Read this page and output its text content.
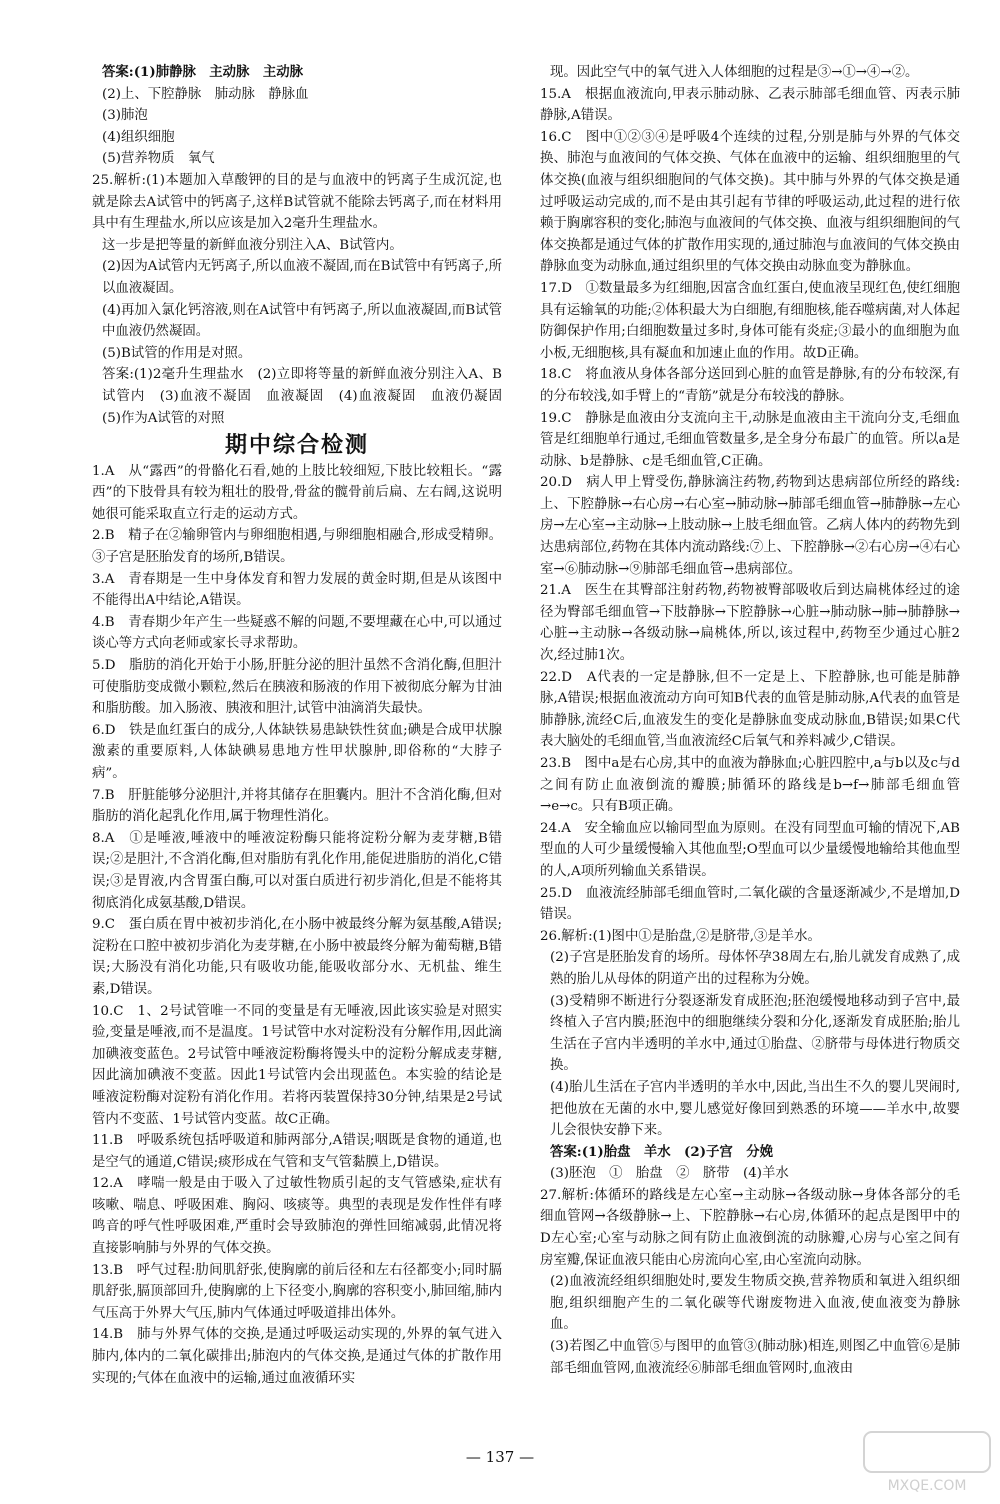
答案:(1)肺静脉　主动脉　主动脉

(2)上、下腔静脉　肺动脉　静脉血

(3)肺泡

(4)组织细胞

(5)营养物质　氧气

25.解析:(1)本题加入草酸钾的目的是与血液中的钙离子生成沉淀,也就是除去A试管中的钙离子,这样B试管就不能除去钙离子,而在材料用具中有生理盐水,所以应该是加入2毫升生理盐水。

这一步是把等量的新鲜血液分别注入A、B试管内。

(2)因为A试管内无钙离子,所以血液不凝固,而在B试管中有钙离子,所以血液凝固。

(4)再加入氯化钙溶液,则在A试管中有钙离子,所以血液凝固,而B试管中血液仍然凝固。

(5)B试管的作用是对照。

答案:(1)2毫升生理盐水　(2)立即将等量的新鲜血液分别注入A、B试管内　(3)血液不凝固　血液凝固　(4)血液凝固　血液仍凝固　(5)作为A试管的对照

期中综合检测

1.A　从“露西”的骨骼化石看,她的上肢比较细短,下肢比较粗长。“露西”的下肢骨具有较为粗壮的股骨,骨盆的髋骨前后扁、左右阔,这说明她很可能采取直立行走的运动方式。

2.B　精子在②输卵管内与卵细胞相遇,与卵细胞相融合,形成受精卵。③子宫是胚胎发育的场所,B错误。

3.A　青春期是一生中身体发育和智力发展的黄金时期,但是从该图中不能得出A中结论,A错误。

4.B　青春期少年产生一些疑惑不解的问题,不要埋藏在心中,可以通过谈心等方式向老师或家长寻求帮助。

5.D　脂肪的消化开始于小肠,肝脏分泌的胆汁虽然不含消化酶,但胆汁可使脂肪变成微小颗粒,然后在胰液和肠液的作用下被彻底分解为甘油和脂肪酸。加入肠液、胰液和胆汁,试管中油滴消失最快。

6.D　铁是血红蛋白的成分,人体缺铁易患缺铁性贫血;碘是合成甲状腺激素的重要原料,人体缺碘易患地方性甲状腺肿,即俗称的“大脖子病”。

7.B　肝脏能够分泌胆汁,并将其储存在胆囊内。胆汁不含消化酶,但对脂肪的消化起乳化作用,属于物理性消化。

8.A　①是唾液,唾液中的唾液淀粉酶只能将淀粉分解为麦芽糖,B错误;②是胆汁,不含消化酶,但对脂肪有乳化作用,能促进脂肪的消化,C错误;③是胃液,内含胃蛋白酶,可以对蛋白质进行初步消化,但是不能将其彻底消化成氨基酸,D错误。

9.C　蛋白质在胃中被初步消化,在小肠中被最终分解为氨基酸,A错误;淀粉在口腔中被初步消化为麦芽糖,在小肠中被最终分解为葡萄糖,B错误;大肠没有消化功能,只有吸收功能,能吸收部分水、无机盐、维生素,D错误。

10.C　1、2号试管唯一不同的变量是有无唾液,因此该实验是对照实验,变量是唾液,而不是温度。1号试管中水对淀粉没有分解作用,因此滴加碘液变蓝色。2号试管中唾液淀粉酶将馒头中的淀粉分解成麦芽糖,因此滴加碘液不变蓝。因此1号试管内会出现蓝色。本实验的结论是唾液淀粉酶对淀粉有消化作用。若将丙装置保持30分钟,结果是2号试管内不变蓝、1号试管内变蓝。故C正确。

11.B　呼吸系统包括呼吸道和肺两部分,A错误;咽既是食物的通道,也是空气的通道,C错误;痰形成在气管和支气管黏膜上,D错误。

12.A　哮喘一般是由于吸入了过敏性物质引起的支气管感染,症状有咳嗽、喘息、呼吸困难、胸闷、咳痰等。典型的表现是发作性伴有哮鸣音的呼气性呼吸困难,严重时会导致肺泡的弹性回缩减弱,此情况将直接影响肺与外界的气体交换。

13.B　呼气过程:肋间肌舒张,使胸廓的前后径和左右径都变小;同时膈肌舒张,膈顶部回升,使胸廓的上下径变小,胸廓的容积变小,肺回缩,肺内气压高于外界大气压,肺内气体通过呼吸道排出体外。

14.B　肺与外界气体的交换,是通过呼吸运动实现的,外界的氧气进入肺内,体内的二氧化碳排出;肺泡内的气体交换,是通过气体的扩散作用实现的;气体在血液中的运输,通过血液循环实

现。因此空气中的氧气进入人体细胞的过程是③→①→④→②。

15.A　根据血液流向,甲表示肺动脉、乙表示肺部毛细血管、丙表示肺静脉,A错误。

16.C　图中①②③④是呼吸4个连续的过程,分别是肺与外界的气体交换、肺泡与血液间的气体交换、气体在血液中的运输、组织细胞里的气体交换(血液与组织细胞间的气体交换)。其中肺与外界的气体交换是通过呼吸运动完成的,而不是由其引起有节律的呼吸运动,此过程的进行依赖于胸廓容积的变化;肺泡与血液间的气体交换、血液与组织细胞间的气体交换都是通过气体的扩散作用实现的,通过肺泡与血液间的气体交换由静脉血变为动脉血,通过组织里的气体交换由动脉血变为静脉血。

17.D　①数量最多为红细胞,因富含血红蛋白,使血液呈现红色,使红细胞具有运输氧的功能;②体积最大为白细胞,有细胞核,能吞噬病菌,对人体起防御保护作用;白细胞数量过多时,身体可能有炎症;③最小的血细胞为血小板,无细胞核,具有凝血和加速止血的作用。故D正确。

18.C　将血液从身体各部分送回到心脏的血管是静脉,有的分布较深,有的分布较浅,如手臂上的“青筋”就是分布较浅的静脉。

19.C　静脉是血液由分支流向主干,动脉是血液由主干流向分支,毛细血管是红细胞单行通过,毛细血管数量多,是全身分布最广的血管。所以a是动脉、b是静脉、c是毛细血管,C正确。

20.D　病人甲上臂受伤,静脉滴注药物,药物到达患病部位所经的路线:上、下腔静脉→右心房→右心室→肺动脉→肺部毛细血管→肺静脉→左心房→左心室→主动脉→上肢动脉→上肢毛细血管。乙病人体内的药物先到达患病部位,药物在其体内流动路线:⑦上、下腔静脉→②右心房→④右心室→⑥肺动脉→⑨肺部毛细血管→患病部位。

21.A　医生在其臀部注射药物,药物被臀部吸收后到达扁桃体经过的途径为臀部毛细血管→下肢静脉→下腔静脉→心脏→肺动脉→肺→肺静脉→心脏→主动脉→各级动脉→扁桃体,所以,该过程中,药物至少通过心脏2次,经过肺1次。

22.D　A代表的一定是静脉,但不一定是上、下腔静脉,也可能是肺静脉,A错误;根据血液流动方向可知B代表的血管是肺动脉,A代表的血管是肺静脉,流经C后,血液发生的变化是静脉血变成动脉血,B错误;如果C代表大脑处的毛细血管,当血液流经C后氧气和养料减少,C错误。

23.B　图中a是右心房,其中的血液为静脉血;心脏四腔中,a与b以及c与d之间有防止血液倒流的瓣膜;肺循环的路线是b→f→肺部毛细血管→e→c。只有B项正确。

24.A　安全输血应以输同型血为原则。在没有同型血可输的情况下,AB型血的人可少量缓慢输入其他血型;O型血可以少量缓慢地输给其他血型的人,A项所列输血关系错误。

25.D　血液流经肺部毛细血管时,二氧化碳的含量逐渐减少,不是增加,D错误。

26.解析:(1)图中①是胎盘,②是脐带,③是羊水。

(2)子宫是胚胎发育的场所。母体怀孕38周左右,胎儿就发育成熟了,成熟的胎儿从母体的阴道产出的过程称为分娩。

(3)受精卵不断进行分裂逐渐发育成胚泡;胚泡缓慢地移动到子宫中,最终植入子宫内膜;胚泡中的细胞继续分裂和分化,逐渐发育成胚胎;胎儿生活在子宫内半透明的羊水中,通过①胎盘、②脐带与母体进行物质交换。

(4)胎儿生活在子宫内半透明的羊水中,因此,当出生不久的婴儿哭闹时,把他放在无菌的水中,婴儿感觉好像回到熟悉的环境——羊水中,故婴儿会很快安静下来。

答案:(1)胎盘　羊水　(2)子宫　分娩

(3)胚泡　①　胎盘　②　脐带　(4)羊水

27.解析:体循环的路线是左心室→主动脉→各级动脉→身体各部分的毛细血管网→各级静脉→上、下腔静脉→右心房,体循环的起点是图甲中的D左心室;心室与动脉之间有防止血液倒流的动脉瓣,心房与心室之间有房室瓣,保证血液只能由心房流向心室,由心室流向动脉。

(2)血液流经组织细胞处时,要发生物质交换,营养物质和氧进入组织细胞,组织细胞产生的二氧化碳等代谢废物进入血液,使血液变为静脉血。

(3)若图乙中血管⑤与图甲的血管③(肺动脉)相连,则图乙中血管⑥是肺部毛细血管网,血液流经⑥肺部毛细血管网时,血液由

— 137 —
MXQE.COM
